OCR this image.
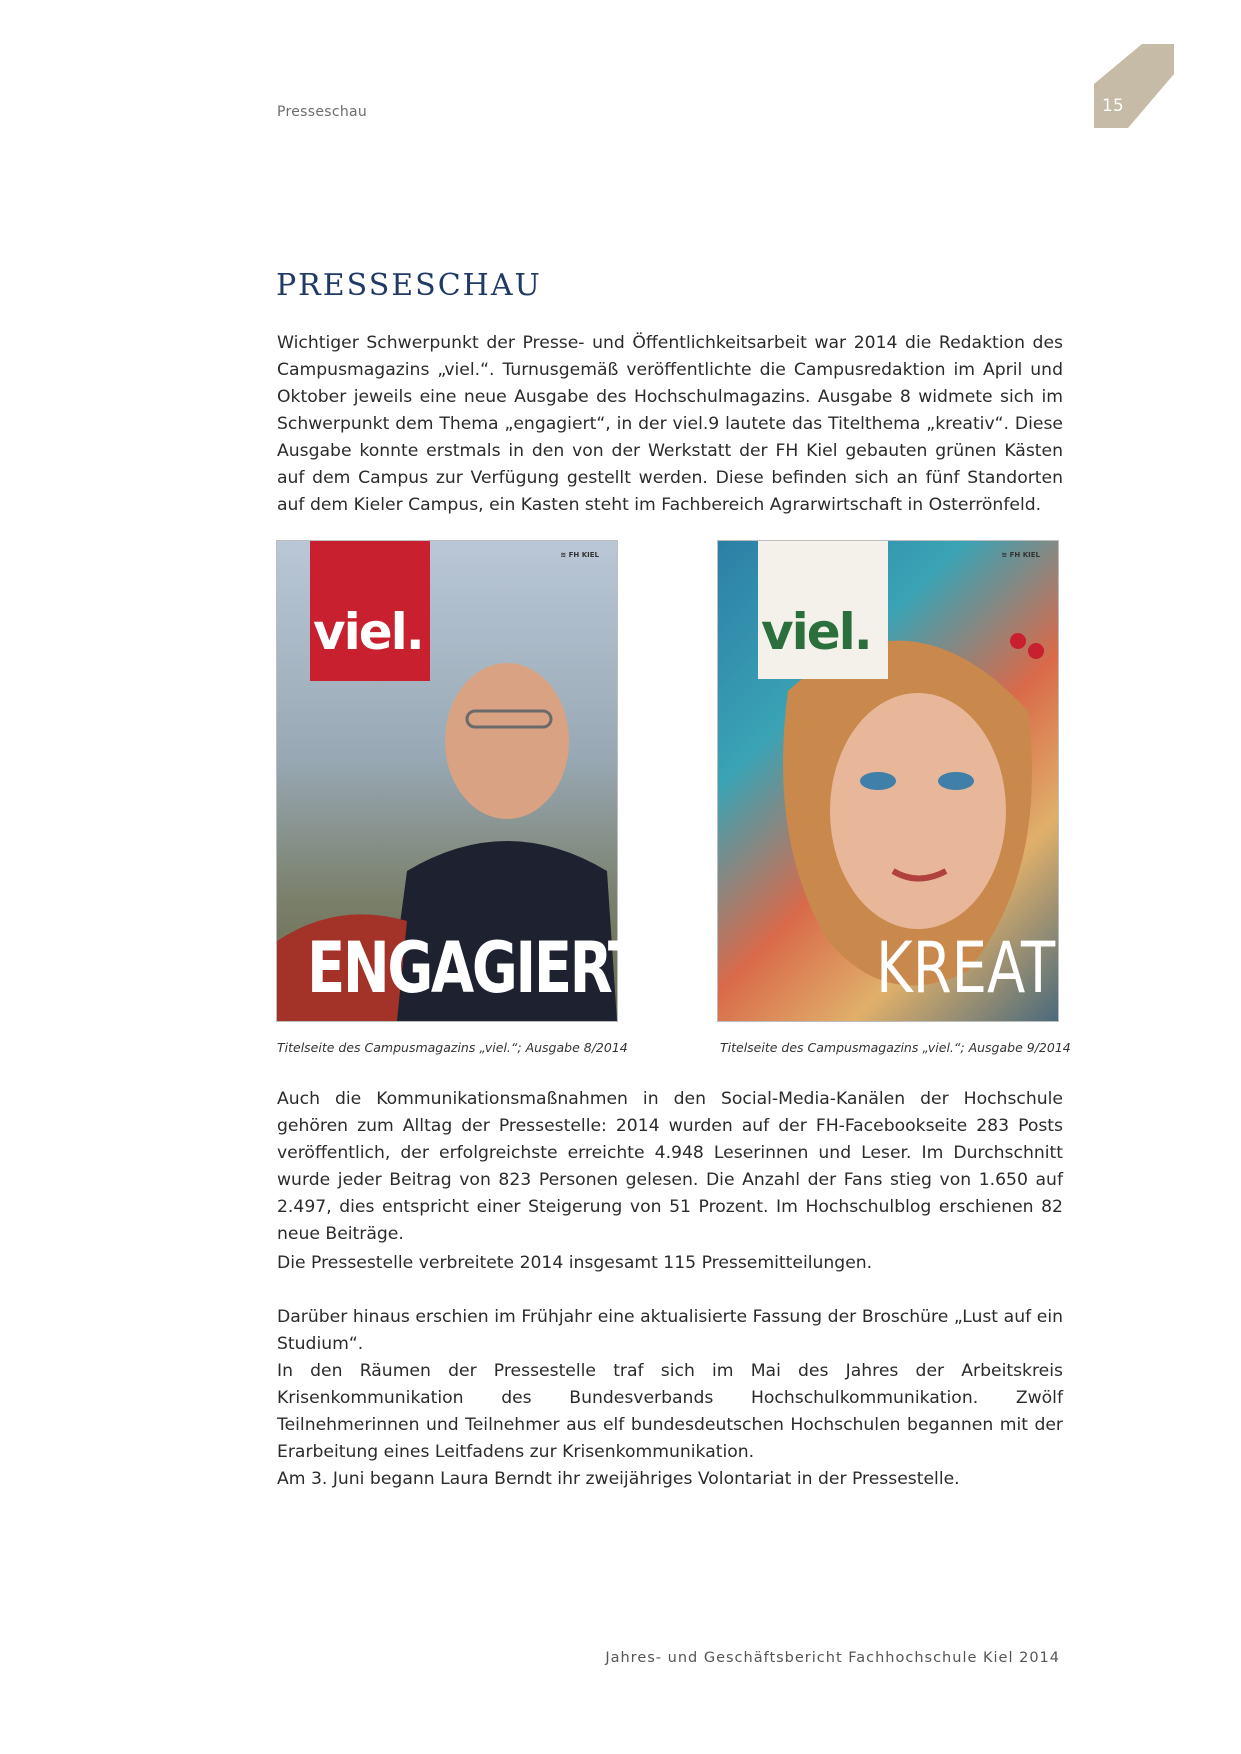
Presseschau	15
PRESSESCHAU

Wichtiger Schwerpunkt der Presse- und Öffentlichkeitsarbeit war 2014 die Redaktion des Campusmagazins „viel.“. Turnusgemäß veröffentlichte die Campusredaktion im April und Oktober jeweils eine neue Ausgabe des Hochschulmagazins. Ausgabe 8 widmete sich im Schwerpunkt dem Thema „engagiert“, in der viel.9 lautete das Titelthema „kreativ“. Diese Ausgabe konnte erstmals in den von der Werkstatt der FH Kiel gebauten grünen Kästen auf dem Campus zur Verfügung gestellt werden. Diese befinden sich an fünf Standorten auf dem Kieler Campus, ein Kasten steht im Fachbereich Agrarwirtschaft in Osterrönfeld.

viel.
≋ FH KIEL
ENGAGIERT
viel.
≋ FH KIEL
KREATIV

Titelseite des Campusmagazins „viel.“; Ausgabe 8/2014	Titelseite des Campusmagazins „viel.“; Ausgabe 9/2014

Auch die Kommunikationsmaßnahmen in den Social-Media-Kanälen der Hochschule gehören zum Alltag der Pressestelle: 2014 wurden auf der FH-Facebookseite 283 Posts veröffentlich, der erfolgreichste erreichte 4.948 Leserinnen und Leser. Im Durchschnitt wurde jeder Beitrag von 823 Personen gelesen. Die Anzahl der Fans stieg von 1.650 auf 2.497, dies entspricht einer Steigerung von 51 Prozent. Im Hochschulblog erschienen 82 neue Beiträge.

Die Pressestelle verbreitete 2014 insgesamt 115 Pressemitteilungen.

Darüber hinaus erschien im Frühjahr eine aktualisierte Fassung der Broschüre „Lust auf ein Studium“.

In den Räumen der Pressestelle traf sich im Mai des Jahres der Arbeitskreis Krisenkommunikation des Bundesverbands Hochschulkommunikation. Zwölf Teilnehmerinnen und Teilnehmer aus elf bundesdeutschen Hochschulen begannen mit der Erarbeitung eines Leitfadens zur Krisenkommunikation.

Am 3. Juni begann Laura Berndt ihr zweijähriges Volontariat in der Pressestelle.

Jahres- und Geschäftsbericht Fachhochschule Kiel 2014
